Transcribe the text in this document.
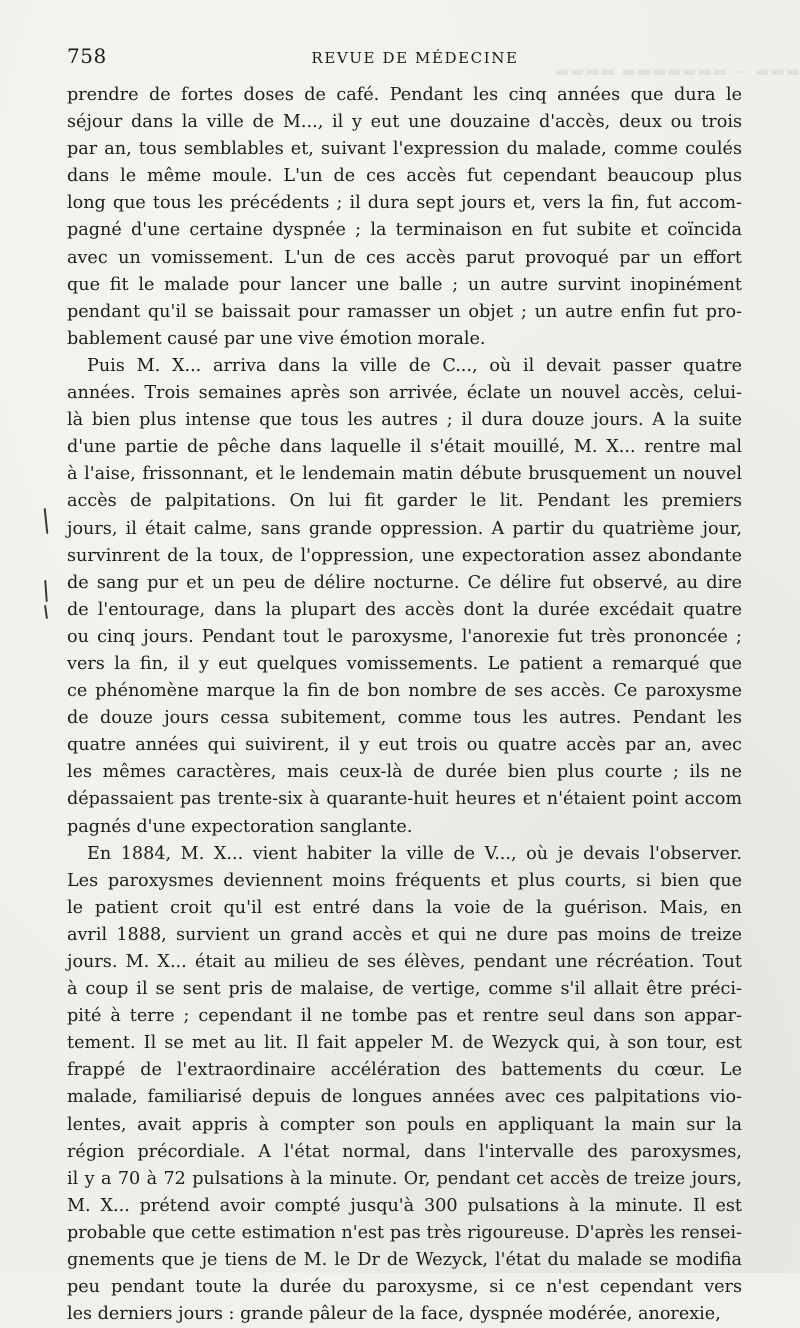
▬▬▬ — ▬▬▬▬▬▬▬ ▬▬▬▬
758	REVUE DE MÉDECINE
prendre de fortes doses de café. Pendant les cinq années que dura le
séjour dans la ville de M..., il y eut une douzaine d'accès, deux ou trois
par an, tous semblables et, suivant l'expression du malade, comme coulés
dans le même moule. L'un de ces accès fut cependant beaucoup plus
long que tous les précédents ; il dura sept jours et, vers la fin, fut accom-
pagné d'une certaine dyspnée ; la terminaison en fut subite et coïncida
avec un vomissement. L'un de ces accès parut provoqué par un effort
que fit le malade pour lancer une balle ; un autre survint inopinément
pendant qu'il se baissait pour ramasser un objet ; un autre enfin fut pro-
bablement causé par une vive émotion morale.
Puis M. X... arriva dans la ville de C..., où il devait passer quatre
années. Trois semaines après son arrivée, éclate un nouvel accès, celui-
là bien plus intense que tous les autres ; il dura douze jours. A la suite
d'une partie de pêche dans laquelle il s'était mouillé, M. X... rentre mal
à l'aise, frissonnant, et le lendemain matin débute brusquement un nouvel
accès de palpitations. On lui fit garder le lit. Pendant les premiers
jours, il était calme, sans grande oppression. A partir du quatrième jour,
survinrent de la toux, de l'oppression, une expectoration assez abondante
de sang pur et un peu de délire nocturne. Ce délire fut observé, au dire
de l'entourage, dans la plupart des accès dont la durée excédait quatre
ou cinq jours. Pendant tout le paroxysme, l'anorexie fut très prononcée ;
vers la fin, il y eut quelques vomissements. Le patient a remarqué que
ce phénomène marque la fin de bon nombre de ses accès. Ce paroxysme
de douze jours cessa subitement, comme tous les autres. Pendant les
quatre années qui suivirent, il y eut trois ou quatre accès par an, avec
les mêmes caractères, mais ceux-là de durée bien plus courte ; ils ne
dépassaient pas trente-six à quarante-huit heures et n'étaient point accom
pagnés d'une expectoration sanglante.
En 1884, M. X... vient habiter la ville de V..., où je devais l'observer.
Les paroxysmes deviennent moins fréquents et plus courts, si bien que
le patient croit qu'il est entré dans la voie de la guérison. Mais, en
avril 1888, survient un grand accès et qui ne dure pas moins de treize
jours. M. X... était au milieu de ses élèves, pendant une récréation. Tout
à coup il se sent pris de malaise, de vertige, comme s'il allait être préci-
pité à terre ; cependant il ne tombe pas et rentre seul dans son appar-
tement. Il se met au lit. Il fait appeler M. de Wezyck qui, à son tour, est
frappé de l'extraordinaire accélération des battements du cœur. Le
malade, familiarisé depuis de longues années avec ces palpitations vio-
lentes, avait appris à compter son pouls en appliquant la main sur la
région précordiale. A l'état normal, dans l'intervalle des paroxysmes,
il y a 70 à 72 pulsations à la minute. Or, pendant cet accès de treize jours,
M. X... prétend avoir compté jusqu'à 300 pulsations à la minute. Il est
probable que cette estimation n'est pas très rigoureuse. D'après les rensei-
gnements que je tiens de M. le Dr de Wezyck, l'état du malade se modifia
peu pendant toute la durée du paroxysme, si ce n'est cependant vers
les derniers jours : grande pâleur de la face, dyspnée modérée, anorexie,
